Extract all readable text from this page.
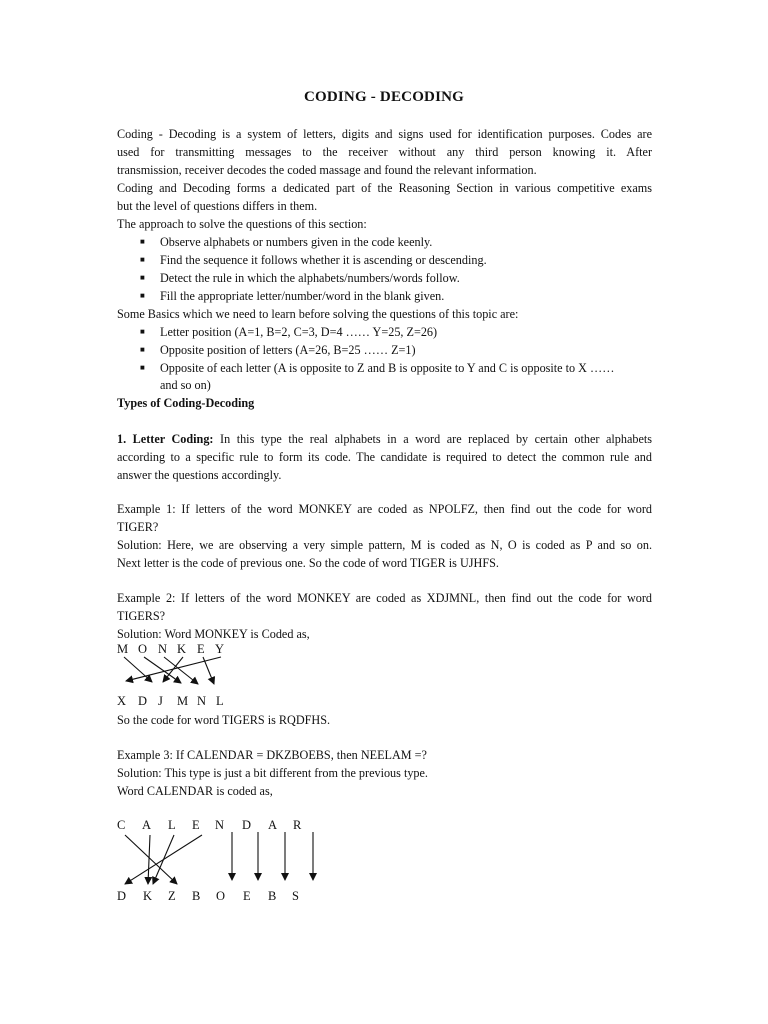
CODING - DECODING
Coding - Decoding is a system of letters, digits and signs used for identification purposes. Codes are
used for transmitting messages to the receiver without any third person knowing it. After
transmission, receiver decodes the coded massage and found the relevant information.
Coding and Decoding forms a dedicated part of the Reasoning Section in various competitive exams
but the level of questions differs in them.
The approach to solve the questions of this section:
■ Observe alphabets or numbers given in the code keenly.
■ Find the sequence it follows whether it is ascending or descending.
■ Detect the rule in which the alphabets/numbers/words follow.
■ Fill the appropriate letter/number/word in the blank given.
Some Basics which we need to learn before solving the questions of this topic are:
■ Letter position (A=1, B=2, C=3, D=4 …… Y=25, Z=26)
■ Opposite position of letters (A=26, B=25 …… Z=1)
■ Opposite of each letter (A is opposite to Z and B is opposite to Y and C is opposite to X ……
and so on)
Types of Coding-Decoding
1. Letter Coding: In this type the real alphabets in a word are replaced by certain other alphabets
according to a specific rule to form its code. The candidate is required to detect the common rule and
answer the questions accordingly.
Example 1: If letters of the word MONKEY are coded as NPOLFZ, then find out the code for word
TIGER?
Solution: Here, we are observing a very simple pattern, M is coded as N, O is coded as P and so on.
Next letter is the code of previous one. So the code of word TIGER is UJHFS.
Example 2: If letters of the word MONKEY are coded as XDJMNL, then find out the code for word
TIGERS?
Solution: Word MONKEY is Coded as,
M O N K E Y
X D J M N L
So the code for word TIGERS is RQDFHS.
Example 3: If CALENDAR = DKZBOEBS, then NEELAM =?
Solution: This type is just a bit different from the previous type.
Word CALENDAR is coded as,
C A L E N D A R
D K Z B O E B S
